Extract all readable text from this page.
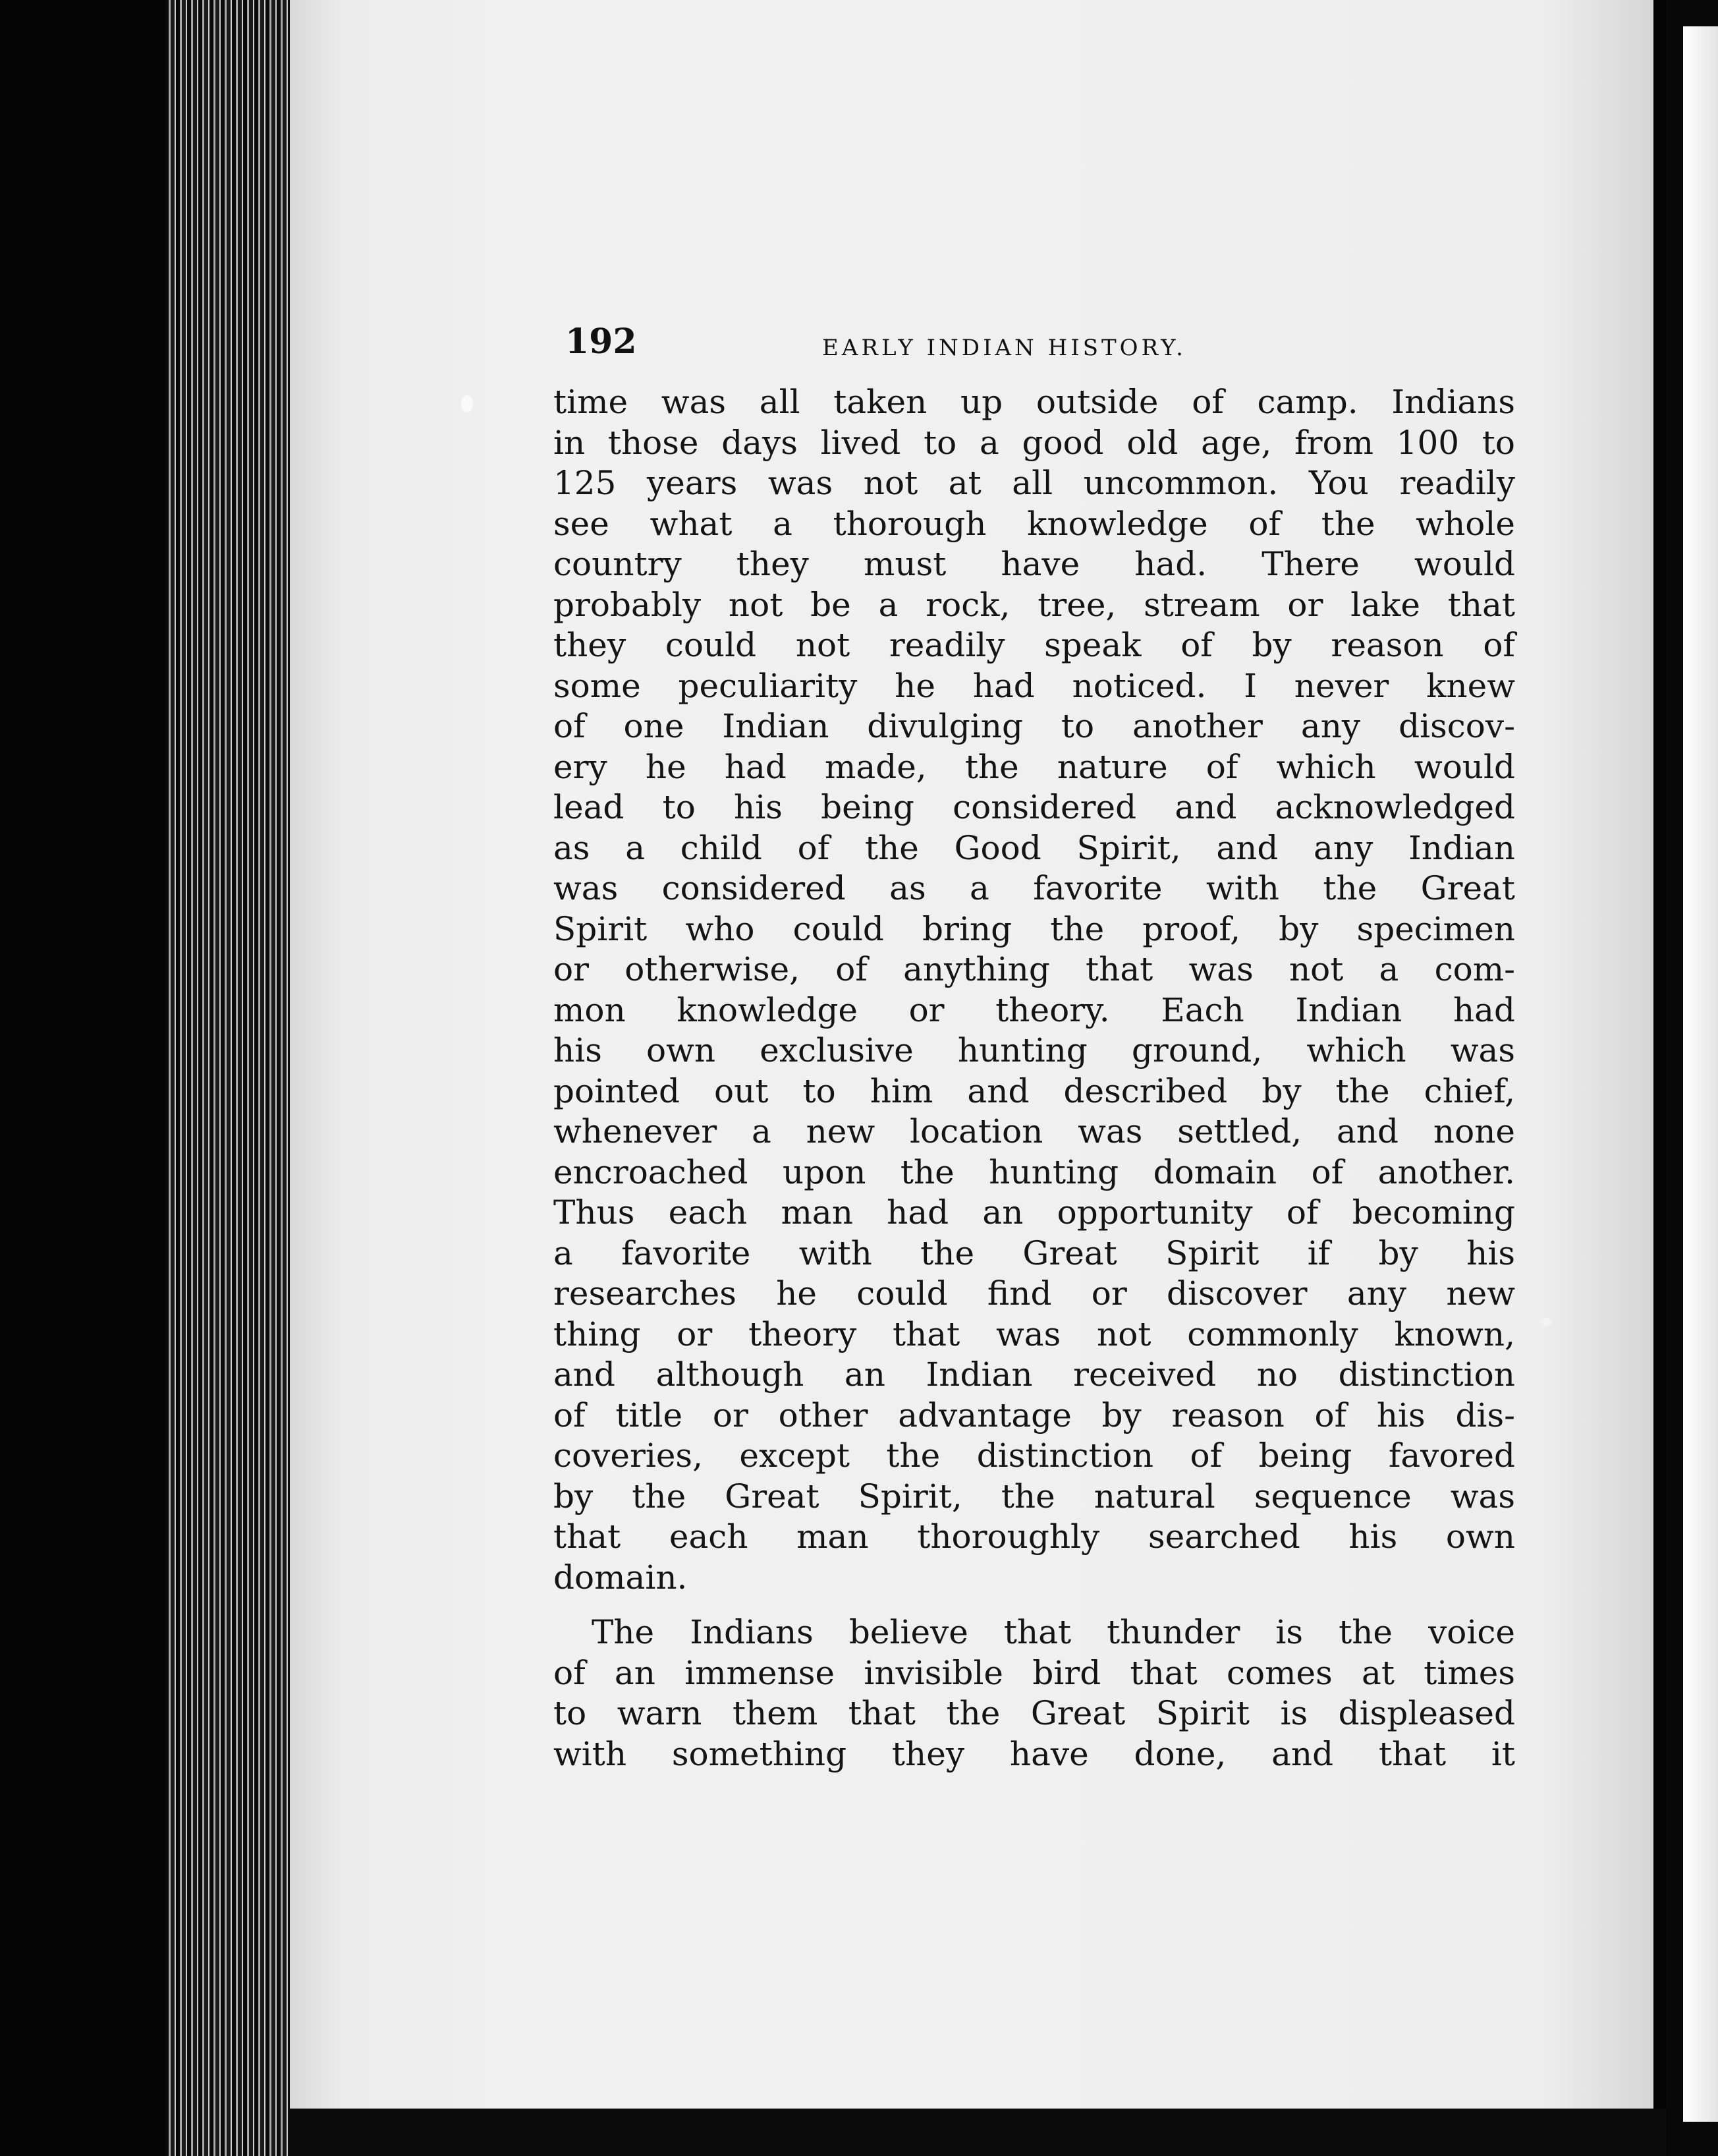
192	EARLY INDIAN HISTORY.
time was all taken up outside of camp. Indians
in those days lived to a good old age, from 100 to
125 years was not at all uncommon. You readily
see what a thorough knowledge of the whole
country they must have had. There would
probably not be a rock, tree, stream or lake that
they could not readily speak of by reason of
some peculiarity he had noticed. I never knew
of one Indian divulging to another any discov-
ery he had made, the nature of which would
lead to his being considered and acknowledged
as a child of the Good Spirit, and any Indian
was considered as a favorite with the Great
Spirit who could bring the proof, by specimen
or otherwise, of anything that was not a com-
mon knowledge or theory. Each Indian had
his own exclusive hunting ground, which was
pointed out to him and described by the chief,
whenever a new location was settled, and none
encroached upon the hunting domain of another.
Thus each man had an opportunity of becoming
a favorite with the Great Spirit if by his
researches he could find or discover any new
thing or theory that was not commonly known,
and although an Indian received no distinction
of title or other advantage by reason of his dis-
coveries, except the distinction of being favored
by the Great Spirit, the natural sequence was
that each man thoroughly searched his own
domain.
The Indians believe that thunder is the voice
of an immense invisible bird that comes at times
to warn them that the Great Spirit is displeased
with something they have done, and that it
